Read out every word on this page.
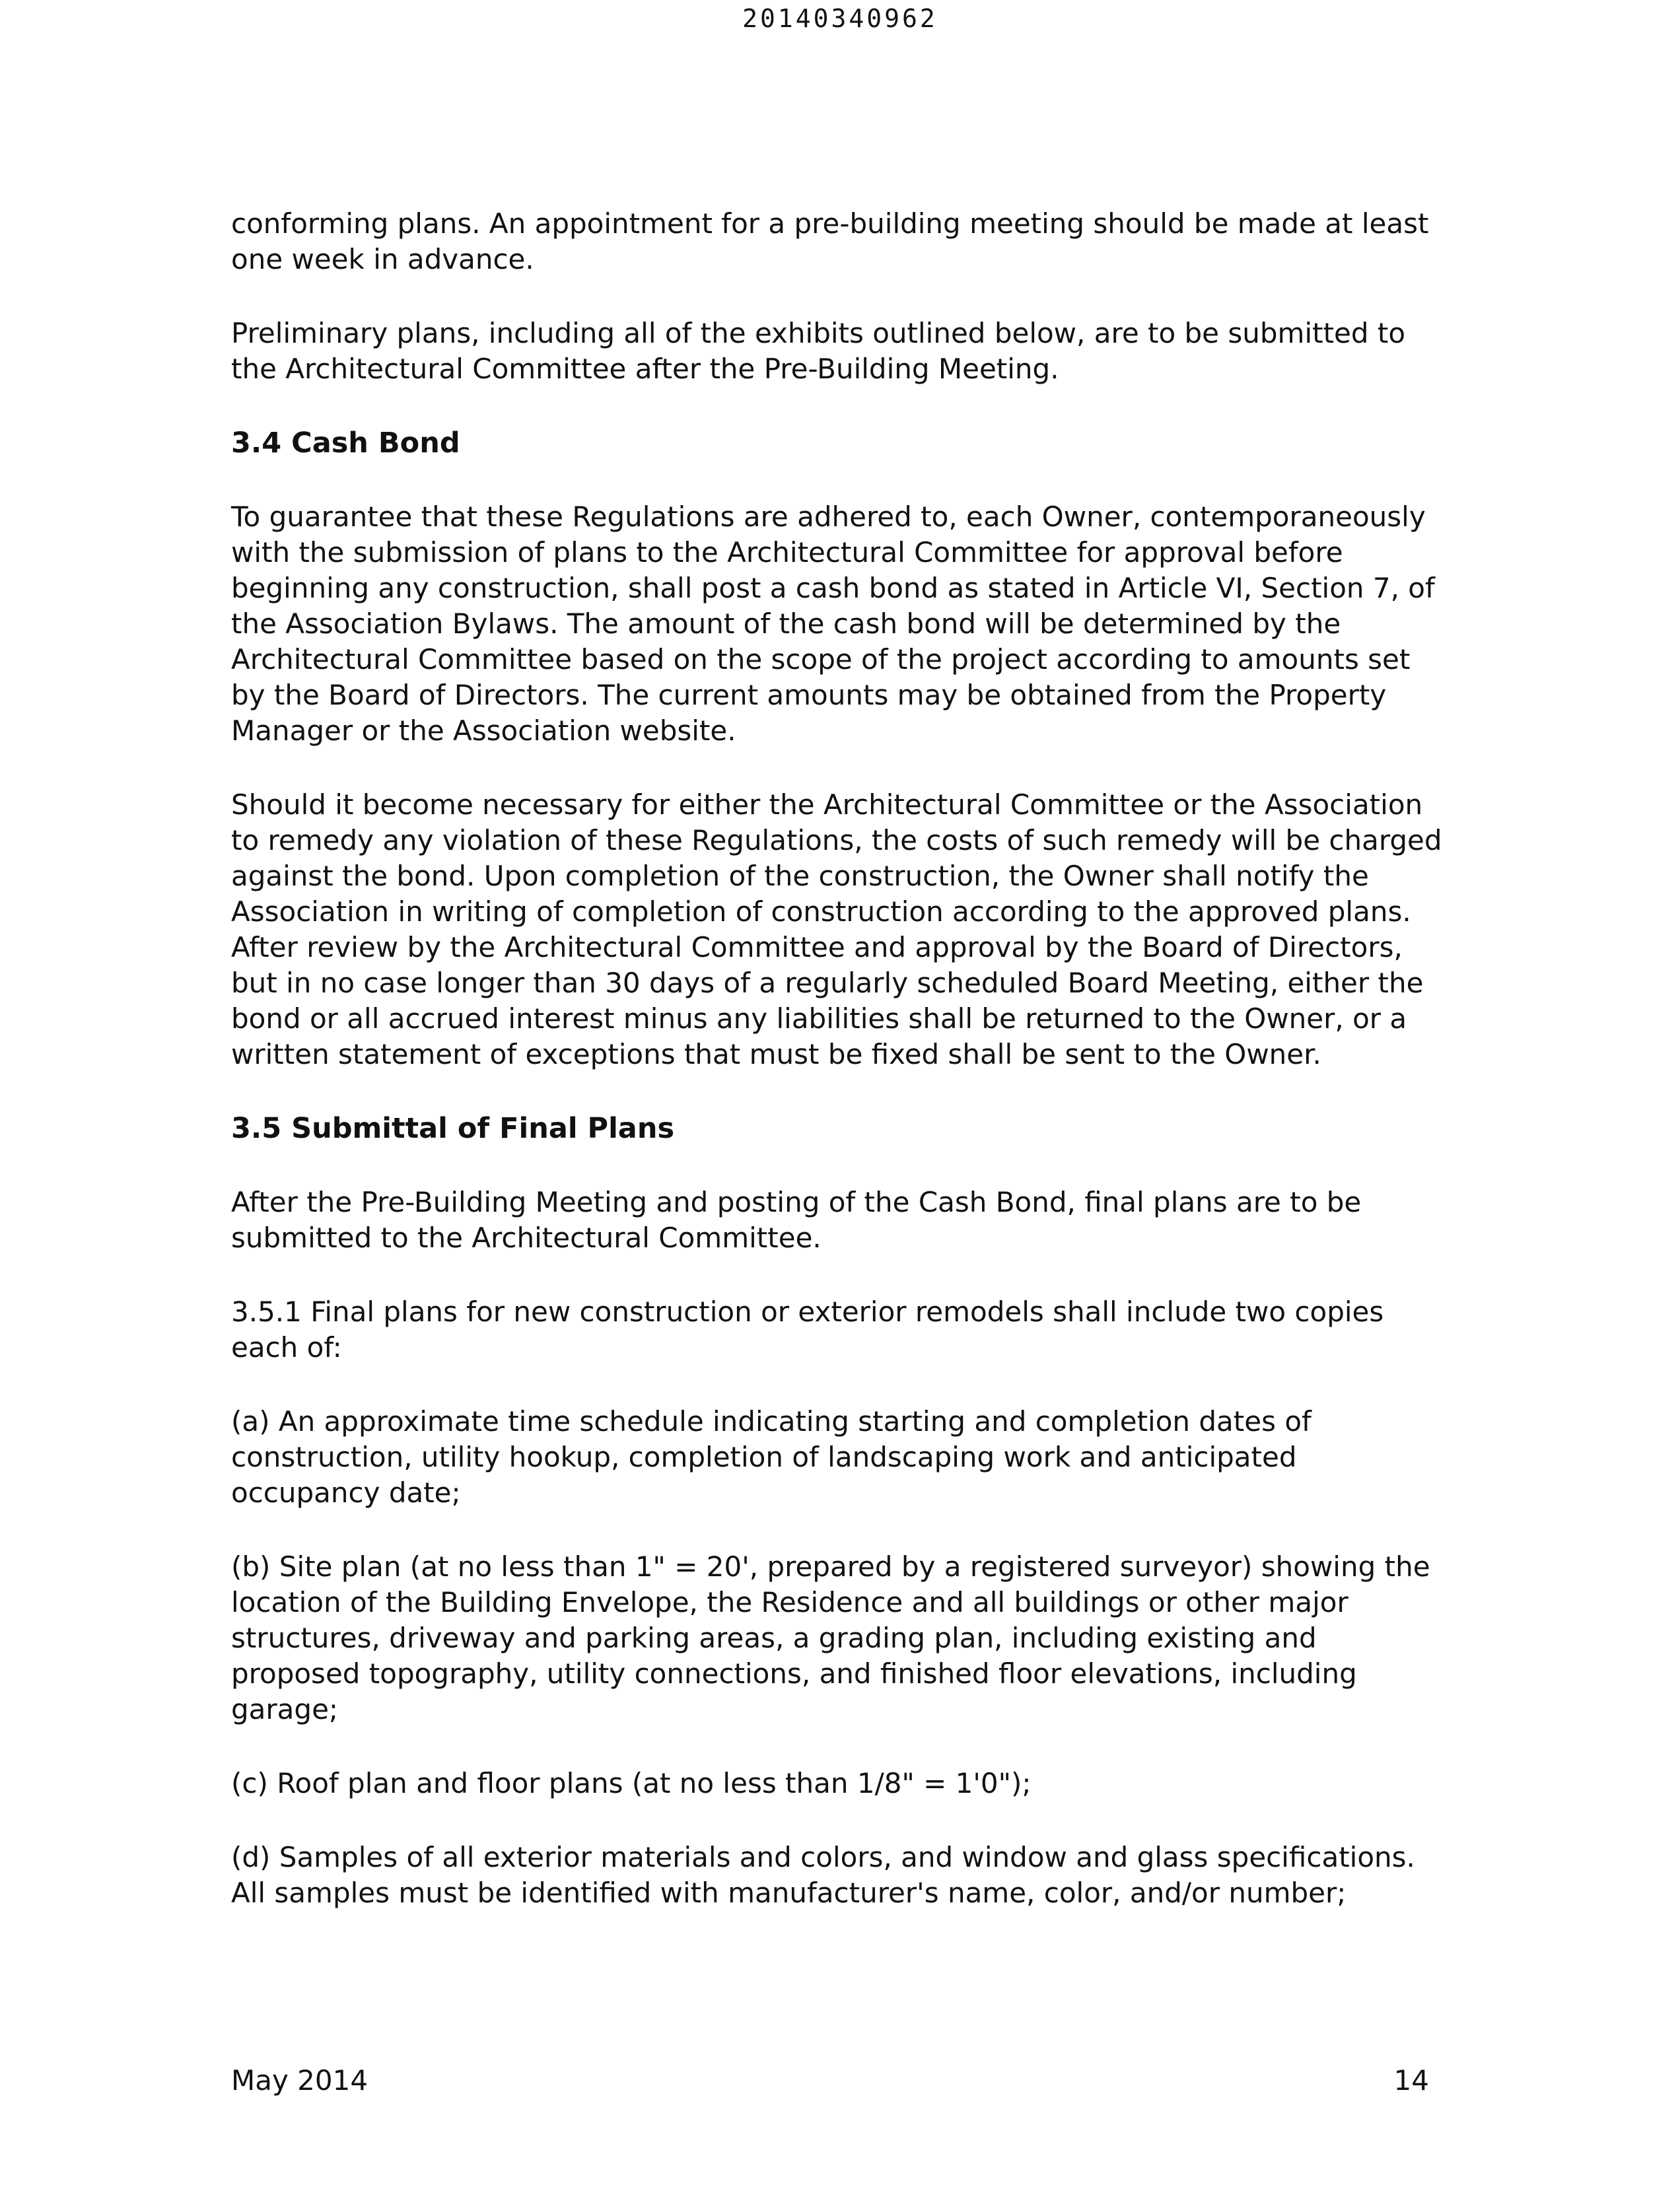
20140340962

conforming plans. An appointment for a pre-building meeting should be made at least one week in advance.

Preliminary plans, including all of the exhibits outlined below, are to be submitted to the Architectural Committee after the Pre-Building Meeting.

3.4 Cash Bond

To guarantee that these Regulations are adhered to, each Owner, contemporaneously with the submission of plans to the Architectural Committee for approval before beginning any construction, shall post a cash bond as stated in Article VI, Section 7, of the Association Bylaws. The amount of the cash bond will be determined by the Architectural Committee based on the scope of the project according to amounts set by the Board of Directors. The current amounts may be obtained from the Property Manager or the Association website.

Should it become necessary for either the Architectural Committee or the Association to remedy any violation of these Regulations, the costs of such remedy will be charged against the bond. Upon completion of the construction, the Owner shall notify the Association in writing of completion of construction according to the approved plans. After review by the Architectural Committee and approval by the Board of Directors, but in no case longer than 30 days of a regularly scheduled Board Meeting, either the bond or all accrued interest minus any liabilities shall be returned to the Owner, or a written statement of exceptions that must be fixed shall be sent to the Owner.

3.5 Submittal of Final Plans

After the Pre-Building Meeting and posting of the Cash Bond, final plans are to be submitted to the Architectural Committee.

3.5.1 Final plans for new construction or exterior remodels shall include two copies each of:

(a) An approximate time schedule indicating starting and completion dates of construction, utility hookup, completion of landscaping work and anticipated occupancy date;

(b) Site plan (at no less than 1" = 20', prepared by a registered surveyor) showing the location of the Building Envelope, the Residence and all buildings or other major structures, driveway and parking areas, a grading plan, including existing and proposed topography, utility connections, and finished floor elevations, including garage;

(c) Roof plan and floor plans (at no less than 1/8" = 1'0");

(d) Samples of all exterior materials and colors, and window and glass specifications. All samples must be identified with manufacturer's name, color, and/or number;

May 2014	14
